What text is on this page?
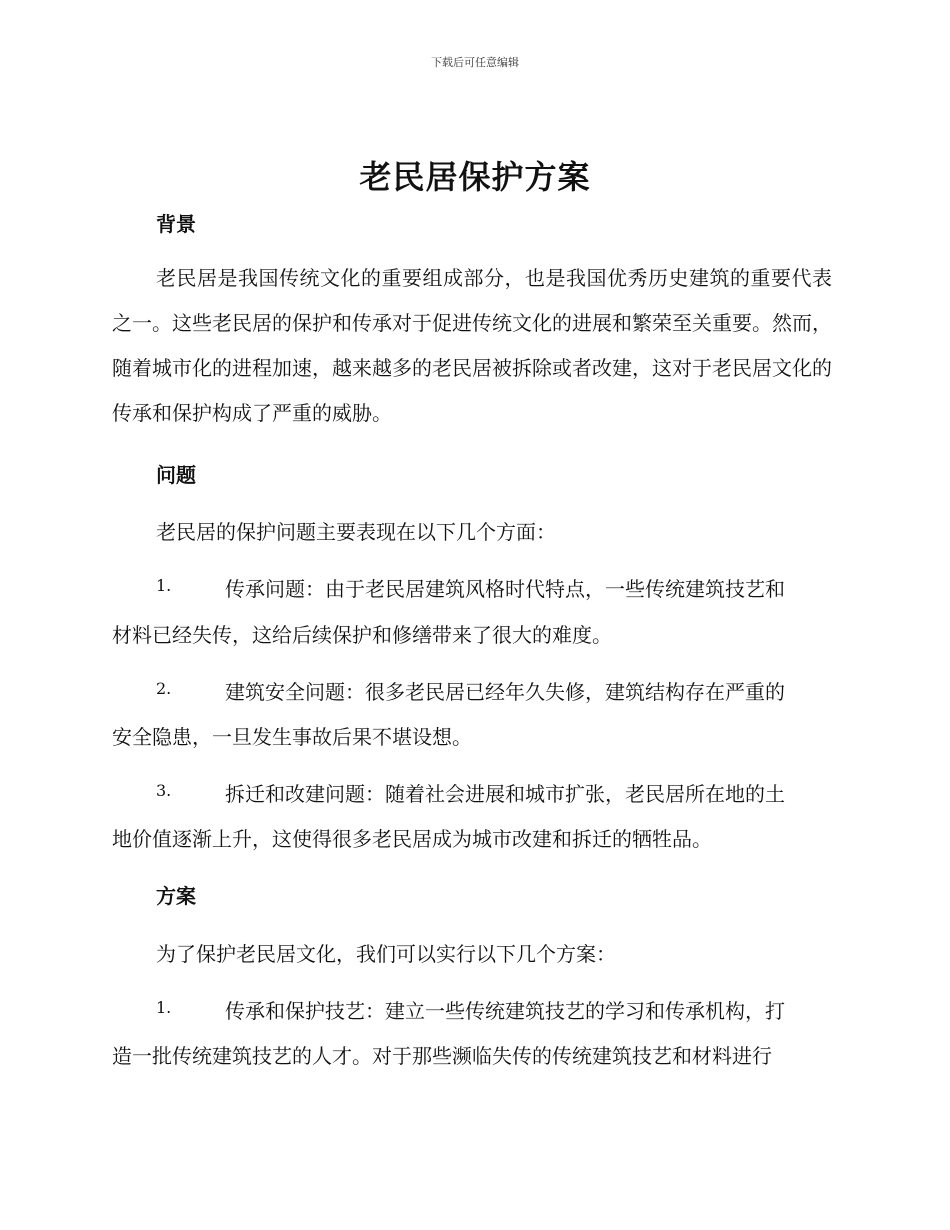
下载后可任意编辑
老民居保护方案
背景
老民居是我国传统文化的重要组成部分，也是我国优秀历史建筑的重要代表之一。这些老民居的保护和传承对于促进传统文化的进展和繁荣至关重要。然而，随着城市化的进程加速，越来越多的老民居被拆除或者改建，这对于老民居文化的传承和保护构成了严重的威胁。
问题
老民居的保护问题主要表现在以下几个方面：
1.	传承问题：由于老民居建筑风格时代特点，一些传统建筑技艺和
材料已经失传，这给后续保护和修缮带来了很大的难度。
2.	建筑安全问题：很多老民居已经年久失修，建筑结构存在严重的
安全隐患，一旦发生事故后果不堪设想。
3.	拆迁和改建问题：随着社会进展和城市扩张，老民居所在地的土
地价值逐渐上升，这使得很多老民居成为城市改建和拆迁的牺牲品。
方案
为了保护老民居文化，我们可以实行以下几个方案：
1.	传承和保护技艺：建立一些传统建筑技艺的学习和传承机构，打
造一批传统建筑技艺的人才。对于那些濒临失传的传统建筑技艺和材料进行
